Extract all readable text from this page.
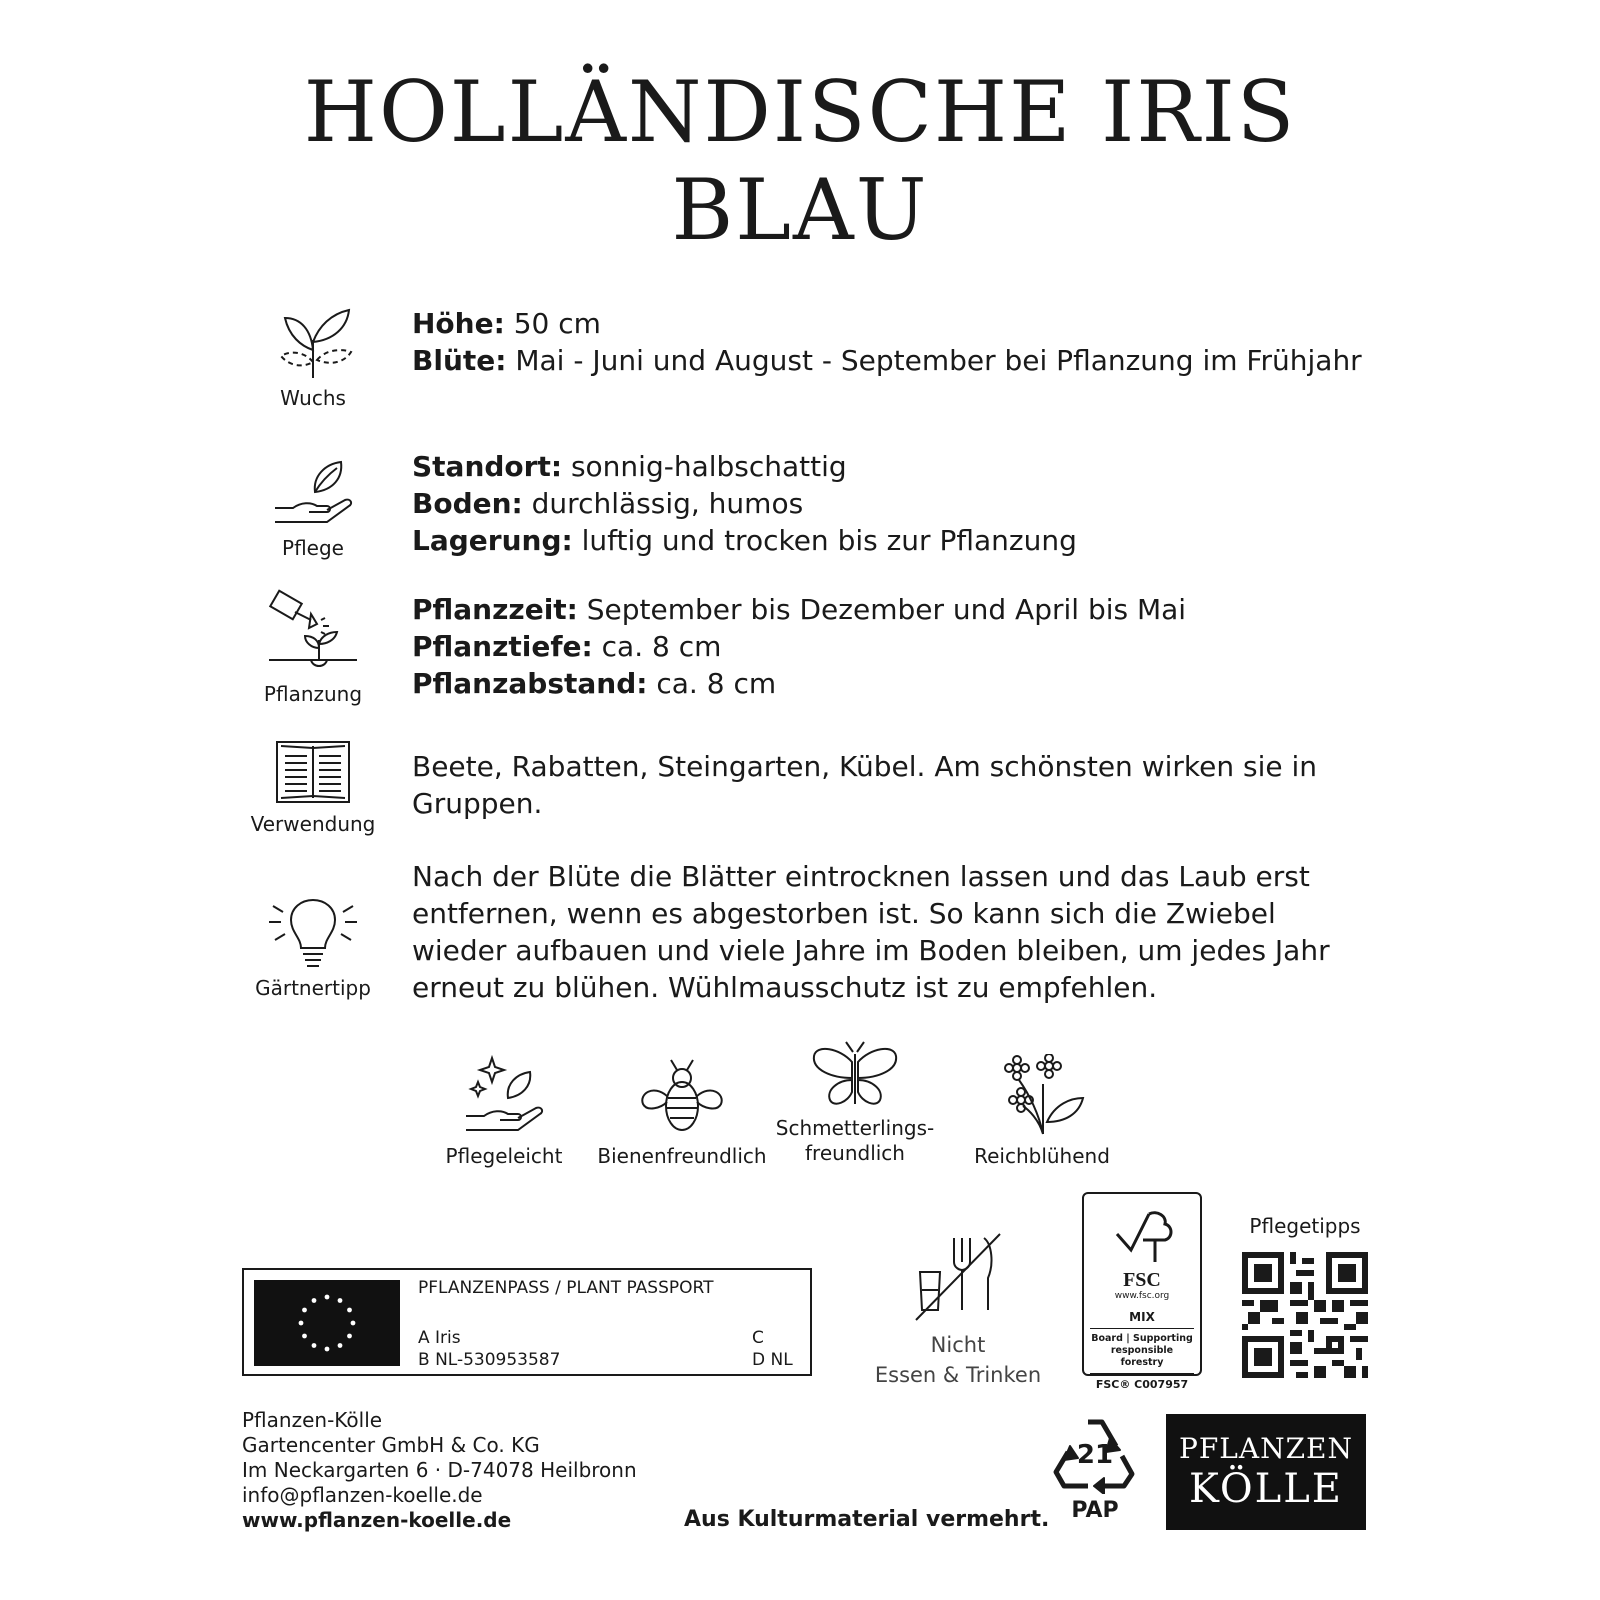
HOLLÄNDISCHE IRIS
BLAU
Wuchs
Höhe: 50 cm
Blüte: Mai - Juni und August - September bei Pflanzung im Frühjahr
Pflege
Standort: sonnig-halbschattig
Boden: durchlässig, humos
Lagerung: luftig und trocken bis zur Pflanzung
Pflanzung
Pflanzzeit: September bis Dezember und April bis Mai
Pflanztiefe: ca. 8 cm
Pflanzabstand: ca. 8 cm
Verwendung
Beete, Rabatten, Steingarten, Kübel. Am schönsten wirken sie in Gruppen.
Gärtnertipp
Nach der Blüte die Blätter eintrocknen lassen und das Laub erst entfernen, wenn es abgestorben ist. So kann sich die Zwiebel wieder aufbauen und viele Jahre im Boden bleiben, um jedes Jahr erneut zu blühen. Wühlmausschutz ist zu empfehlen.
Pflegeleicht	Bienenfreundlich
Schmetterlings-
freundlich	Reichblühend
PFLANZENPASS / PLANT PASSPORT
A Iris
B NL-530953587
C
D NL
Nicht
Essen & Trinken
FSC
www.fsc.org
MIX
Board | Supporting
responsible forestry
FSC® C007957
Pflegetipps
Pflanzen-Kölle
Gartencenter GmbH & Co. KG
Im Neckargarten 6 · D-74078 Heilbronn
info@pflanzen-koelle.de
www.pflanzen-koelle.de	Aus Kulturmaterial vermehrt.
21
PAP
PFLANZEN
KÖLLE
